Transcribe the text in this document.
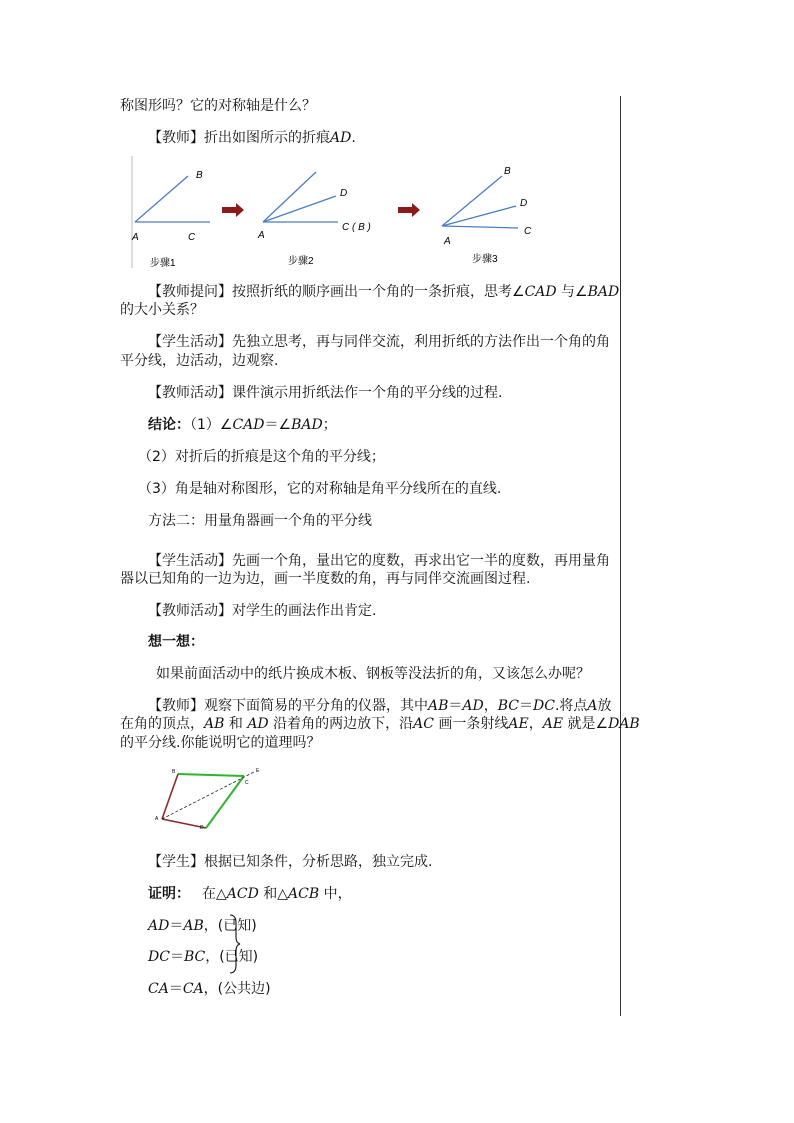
称图形吗？它的对称轴是什么？
【教师】折出如图所示的折痕AD.
B
A	C
步骤1
D
C ( B )
A
步骤2
B
D
C
A
步骤3
【教师提问】按照折纸的顺序画出一个角的一条折痕，思考∠CAD 与∠BAD
的大小关系？
【学生活动】先独立思考，再与同伴交流，利用折纸的方法作出一个角的角
平分线，边活动，边观察.
【教师活动】课件演示用折纸法作一个角的平分线的过程.
结论：（1）∠CAD＝∠BAD；
（2）对折后的折痕是这个角的平分线；
（3）角是轴对称图形，它的对称轴是角平分线所在的直线.
方法二：用量角器画一个角的平分线
【学生活动】先画一个角，量出它的度数，再求出它一半的度数，再用量角
器以已知角的一边为边，画一半度数的角，再与同伴交流画图过程.
【教师活动】对学生的画法作出肯定.
想一想：
如果前面活动中的纸片换成木板、钢板等没法折的角，又该怎么办呢？
【教师】观察下面简易的平分角的仪器，其中AB＝AD，BC＝DC.将点A放
在角的顶点，AB 和 AD 沿着角的两边放下，沿AC 画一条射线AE，AE 就是∠DAB
的平分线.你能说明它的道理吗？
B
C
E
A
D
【学生】根据已知条件，分析思路，独立完成.
证明： 在△ACD 和△ACB 中，
AD＝AB，(已知)
DC＝BC，(已知)
CA＝CA，(公共边)
